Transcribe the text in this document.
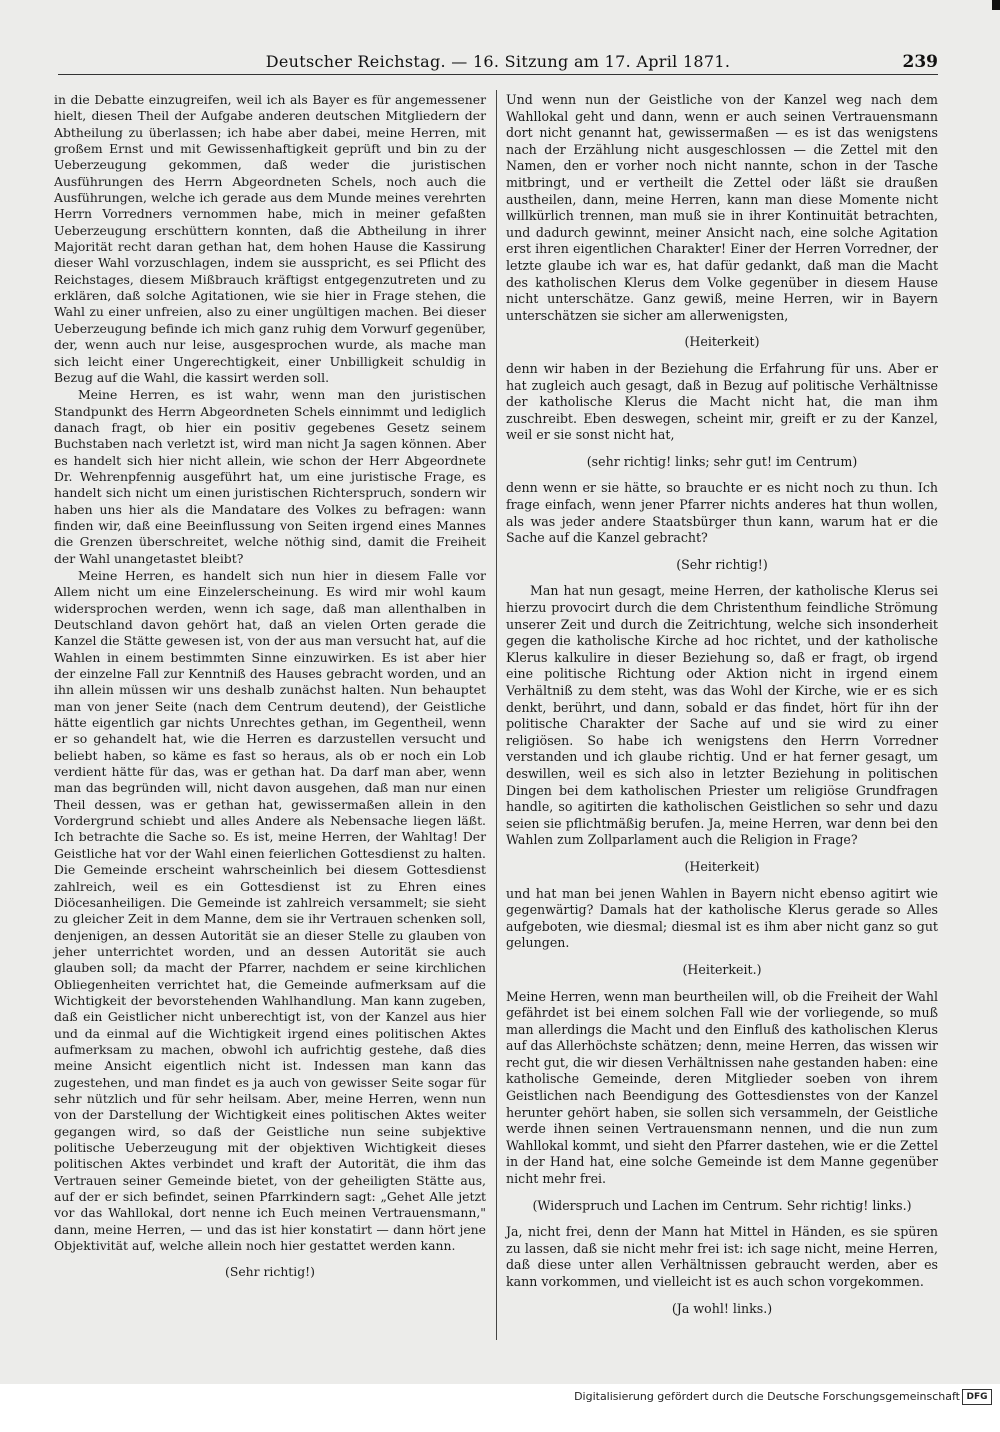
Deutscher Reichstag. — 16. Sitzung am 17. April 1871.	239

in die Debatte einzugreifen, weil ich als Bayer es für angemessener hielt, diesen Theil der Aufgabe anderen deutschen Mitgliedern der Abtheilung zu überlassen; ich habe aber dabei, meine Herren, mit großem Ernst und mit Gewissenhaftigkeit geprüft und bin zu der Ueberzeugung gekommen, daß weder die juristischen Ausführungen des Herrn Abgeordneten Schels, noch auch die Ausführungen, welche ich gerade aus dem Munde meines verehrten Herrn Vorredners vernommen habe, mich in meiner gefaßten Ueberzeugung erschüttern konnten, daß die Abtheilung in ihrer Majorität recht daran gethan hat, dem hohen Hause die Kassirung dieser Wahl vorzuschlagen, indem sie ausspricht, es sei Pflicht des Reichstages, diesem Mißbrauch kräftigst entgegenzutreten und zu erklären, daß solche Agitationen, wie sie hier in Frage stehen, die Wahl zu einer unfreien, also zu einer ungültigen machen. Bei dieser Ueberzeugung befinde ich mich ganz ruhig dem Vorwurf gegenüber, der, wenn auch nur leise, ausgesprochen wurde, als mache man sich leicht einer Ungerechtigkeit, einer Unbilligkeit schuldig in Bezug auf die Wahl, die kassirt werden soll.

Meine Herren, es ist wahr, wenn man den juristischen Standpunkt des Herrn Abgeordneten Schels einnimmt und lediglich danach fragt, ob hier ein positiv gegebenes Gesetz seinem Buchstaben nach verletzt ist, wird man nicht Ja sagen können. Aber es handelt sich hier nicht allein, wie schon der Herr Abgeordnete Dr. Wehrenpfennig ausgeführt hat, um eine juristische Frage, es handelt sich nicht um einen juristischen Richterspruch, sondern wir haben uns hier als die Mandatare des Volkes zu befragen: wann finden wir, daß eine Beeinflussung von Seiten irgend eines Mannes die Grenzen überschreitet, welche nöthig sind, damit die Freiheit der Wahl unangetastet bleibt?

Meine Herren, es handelt sich nun hier in diesem Falle vor Allem nicht um eine Einzelerscheinung. Es wird mir wohl kaum widersprochen werden, wenn ich sage, daß man allenthalben in Deutschland davon gehört hat, daß an vielen Orten gerade die Kanzel die Stätte gewesen ist, von der aus man versucht hat, auf die Wahlen in einem bestimmten Sinne einzuwirken. Es ist aber hier der einzelne Fall zur Kenntniß des Hauses gebracht worden, und an ihn allein müssen wir uns deshalb zunächst halten. Nun behauptet man von jener Seite (nach dem Centrum deutend), der Geistliche hätte eigentlich gar nichts Unrechtes gethan, im Gegentheil, wenn er so gehandelt hat, wie die Herren es darzustellen versucht und beliebt haben, so käme es fast so heraus, als ob er noch ein Lob verdient hätte für das, was er gethan hat. Da darf man aber, wenn man das begründen will, nicht davon ausgehen, daß man nur einen Theil dessen, was er gethan hat, gewissermaßen allein in den Vordergrund schiebt und alles Andere als Nebensache liegen läßt. Ich betrachte die Sache so. Es ist, meine Herren, der Wahltag! Der Geistliche hat vor der Wahl einen feierlichen Gottesdienst zu halten. Die Gemeinde erscheint wahrscheinlich bei diesem Gottesdienst zahlreich, weil es ein Gottesdienst ist zu Ehren eines Diöcesanheiligen. Die Gemeinde ist zahlreich versammelt; sie sieht zu gleicher Zeit in dem Manne, dem sie ihr Vertrauen schenken soll, denjenigen, an dessen Autorität sie an dieser Stelle zu glauben von jeher unterrichtet worden, und an dessen Autorität sie auch glauben soll; da macht der Pfarrer, nachdem er seine kirchlichen Obliegenheiten verrichtet hat, die Gemeinde aufmerksam auf die Wichtigkeit der bevorstehenden Wahlhandlung. Man kann zugeben, daß ein Geistlicher nicht unberechtigt ist, von der Kanzel aus hier und da einmal auf die Wichtigkeit irgend eines politischen Aktes aufmerksam zu machen, obwohl ich aufrichtig gestehe, daß dies meine Ansicht eigentlich nicht ist. Indessen man kann das zugestehen, und man findet es ja auch von gewisser Seite sogar für sehr nützlich und für sehr heilsam. Aber, meine Herren, wenn nun von der Darstellung der Wichtigkeit eines politischen Aktes weiter gegangen wird, so daß der Geistliche nun seine subjektive politische Ueberzeugung mit der objektiven Wichtigkeit dieses politischen Aktes verbindet und kraft der Autorität, die ihm das Vertrauen seiner Gemeinde bietet, von der geheiligten Stätte aus, auf der er sich befindet, seinen Pfarrkindern sagt: „Gehet Alle jetzt vor das Wahllokal, dort nenne ich Euch meinen Vertrauensmann," dann, meine Herren, — und das ist hier konstatirt — dann hört jene Objektivität auf, welche allein noch hier gestattet werden kann.

(Sehr richtig!)

Und wenn nun der Geistliche von der Kanzel weg nach dem Wahllokal geht und dann, wenn er auch seinen Vertrauensmann dort nicht genannt hat, gewissermaßen — es ist das wenigstens nach der Erzählung nicht ausgeschlossen — die Zettel mit den Namen, den er vorher noch nicht nannte, schon in der Tasche mitbringt, und er vertheilt die Zettel oder läßt sie draußen austheilen, dann, meine Herren, kann man diese Momente nicht willkürlich trennen, man muß sie in ihrer Kontinuität betrachten, und dadurch gewinnt, meiner Ansicht nach, eine solche Agitation erst ihren eigentlichen Charakter! Einer der Herren Vorredner, der letzte glaube ich war es, hat dafür gedankt, daß man die Macht des katholischen Klerus dem Volke gegenüber in diesem Hause nicht unterschätze. Ganz gewiß, meine Herren, wir in Bayern unterschätzen sie sicher am allerwenigsten,

(Heiterkeit)

denn wir haben in der Beziehung die Erfahrung für uns. Aber er hat zugleich auch gesagt, daß in Bezug auf politische Verhältnisse der katholische Klerus die Macht nicht hat, die man ihm zuschreibt. Eben deswegen, scheint mir, greift er zu der Kanzel, weil er sie sonst nicht hat,

(sehr richtig! links; sehr gut! im Centrum)

denn wenn er sie hätte, so brauchte er es nicht noch zu thun. Ich frage einfach, wenn jener Pfarrer nichts anderes hat thun wollen, als was jeder andere Staatsbürger thun kann, warum hat er die Sache auf die Kanzel gebracht?

(Sehr richtig!)

Man hat nun gesagt, meine Herren, der katholische Klerus sei hierzu provocirt durch die dem Christenthum feindliche Strömung unserer Zeit und durch die Zeitrichtung, welche sich insonderheit gegen die katholische Kirche ad hoc richtet, und der katholische Klerus kalkulire in dieser Beziehung so, daß er fragt, ob irgend eine politische Richtung oder Aktion nicht in irgend einem Verhältniß zu dem steht, was das Wohl der Kirche, wie er es sich denkt, berührt, und dann, sobald er das findet, hört für ihn der politische Charakter der Sache auf und sie wird zu einer religiösen. So habe ich wenigstens den Herrn Vorredner verstanden und ich glaube richtig. Und er hat ferner gesagt, um deswillen, weil es sich also in letzter Beziehung in politischen Dingen bei dem katholischen Priester um religiöse Grundfragen handle, so agitirten die katholischen Geistlichen so sehr und dazu seien sie pflichtmäßig berufen. Ja, meine Herren, war denn bei den Wahlen zum Zollparlament auch die Religion in Frage?

(Heiterkeit)

und hat man bei jenen Wahlen in Bayern nicht ebenso agitirt wie gegenwärtig? Damals hat der katholische Klerus gerade so Alles aufgeboten, wie diesmal; diesmal ist es ihm aber nicht ganz so gut gelungen.

(Heiterkeit.)

Meine Herren, wenn man beurtheilen will, ob die Freiheit der Wahl gefährdet ist bei einem solchen Fall wie der vorliegende, so muß man allerdings die Macht und den Einfluß des katholischen Klerus auf das Allerhöchste schätzen; denn, meine Herren, das wissen wir recht gut, die wir diesen Verhältnissen nahe gestanden haben: eine katholische Gemeinde, deren Mitglieder soeben von ihrem Geistlichen nach Beendigung des Gottesdienstes von der Kanzel herunter gehört haben, sie sollen sich versammeln, der Geistliche werde ihnen seinen Vertrauensmann nennen, und die nun zum Wahllokal kommt, und sieht den Pfarrer dastehen, wie er die Zettel in der Hand hat, eine solche Gemeinde ist dem Manne gegenüber nicht mehr frei.

(Widerspruch und Lachen im Centrum. Sehr richtig! links.)

Ja, nicht frei, denn der Mann hat Mittel in Händen, es sie spüren zu lassen, daß sie nicht mehr frei ist: ich sage nicht, meine Herren, daß diese unter allen Verhältnissen gebraucht werden, aber es kann vorkommen, und vielleicht ist es auch schon vorgekommen.

(Ja wohl! links.)

Digitalisierung gefördert durch die Deutsche Forschungsgemeinschaft DFG
